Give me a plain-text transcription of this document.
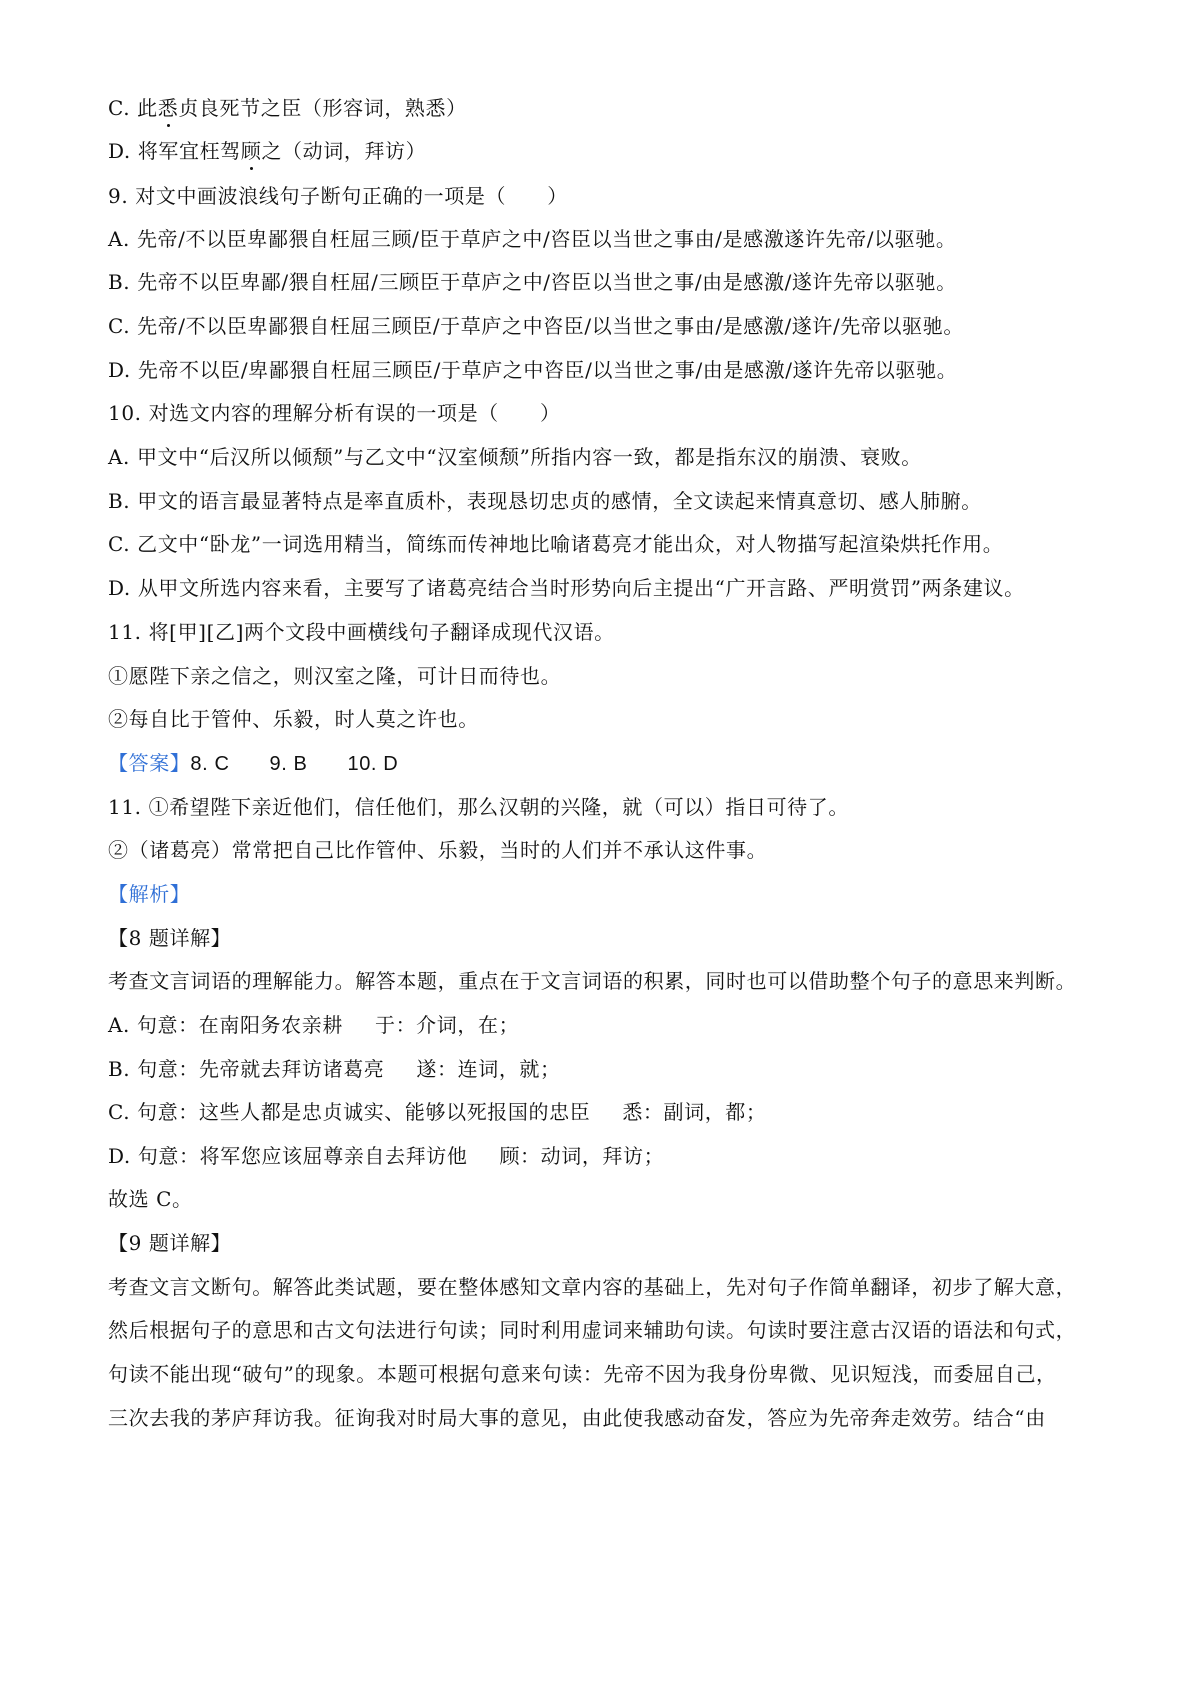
C. 此悉贞良死节之臣（形容词，熟悉）
D. 将军宜枉驾顾之（动词，拜访）
9. 对文中画波浪线句子断句正确的一项是（　　）
A. 先帝/不以臣卑鄙猥自枉屈三顾/臣于草庐之中/咨臣以当世之事由/是感激遂许先帝/以驱驰。
B. 先帝不以臣卑鄙/猥自枉屈/三顾臣于草庐之中/咨臣以当世之事/由是感激/遂许先帝以驱驰。
C. 先帝/不以臣卑鄙猥自枉屈三顾臣/于草庐之中咨臣/以当世之事由/是感激/遂许/先帝以驱驰。
D. 先帝不以臣/卑鄙猥自枉屈三顾臣/于草庐之中咨臣/以当世之事/由是感激/遂许先帝以驱驰。
10. 对选文内容的理解分析有误的一项是（　　）
A. 甲文中“后汉所以倾颓”与乙文中“汉室倾颓”所指内容一致，都是指东汉的崩溃、衰败。
B. 甲文的语言最显著特点是率直质朴，表现恳切忠贞的感情，全文读起来情真意切、感人肺腑。
C. 乙文中“卧龙”一词选用精当，简练而传神地比喻诸葛亮才能出众，对人物描写起渲染烘托作用。
D. 从甲文所选内容来看，主要写了诸葛亮结合当时形势向后主提出“广开言路、严明赏罚”两条建议。
11. 将[甲][乙]两个文段中画横线句子翻译成现代汉语。
①愿陛下亲之信之，则汉室之隆，可计日而待也。
②每自比于管仲、乐毅，时人莫之许也。
【答案】8. C 9. B 10. D
11. ①希望陛下亲近他们，信任他们，那么汉朝的兴隆，就（可以）指日可待了。
②（诸葛亮）常常把自己比作管仲、乐毅，当时的人们并不承认这件事。
【解析】
【8 题详解】
考查文言词语的理解能力。解答本题，重点在于文言词语的积累，同时也可以借助整个句子的意思来判断。
A. 句意：在南阳务农亲耕 于：介词，在；
B. 句意：先帝就去拜访诸葛亮 遂：连词，就；
C. 句意：这些人都是忠贞诚实、能够以死报国的忠臣 悉：副词，都；
D. 句意：将军您应该屈尊亲自去拜访他 顾：动词，拜访；
故选 C。
【9 题详解】
考查文言文断句。解答此类试题，要在整体感知文章内容的基础上，先对句子作简单翻译，初步了解大意，
然后根据句子的意思和古文句法进行句读；同时利用虚词来辅助句读。句读时要注意古汉语的语法和句式，
句读不能出现“破句”的现象。本题可根据句意来句读：先帝不因为我身份卑微、见识短浅，而委屈自己，
三次去我的茅庐拜访我。征询我对时局大事的意见，由此使我感动奋发，答应为先帝奔走效劳。结合“由
